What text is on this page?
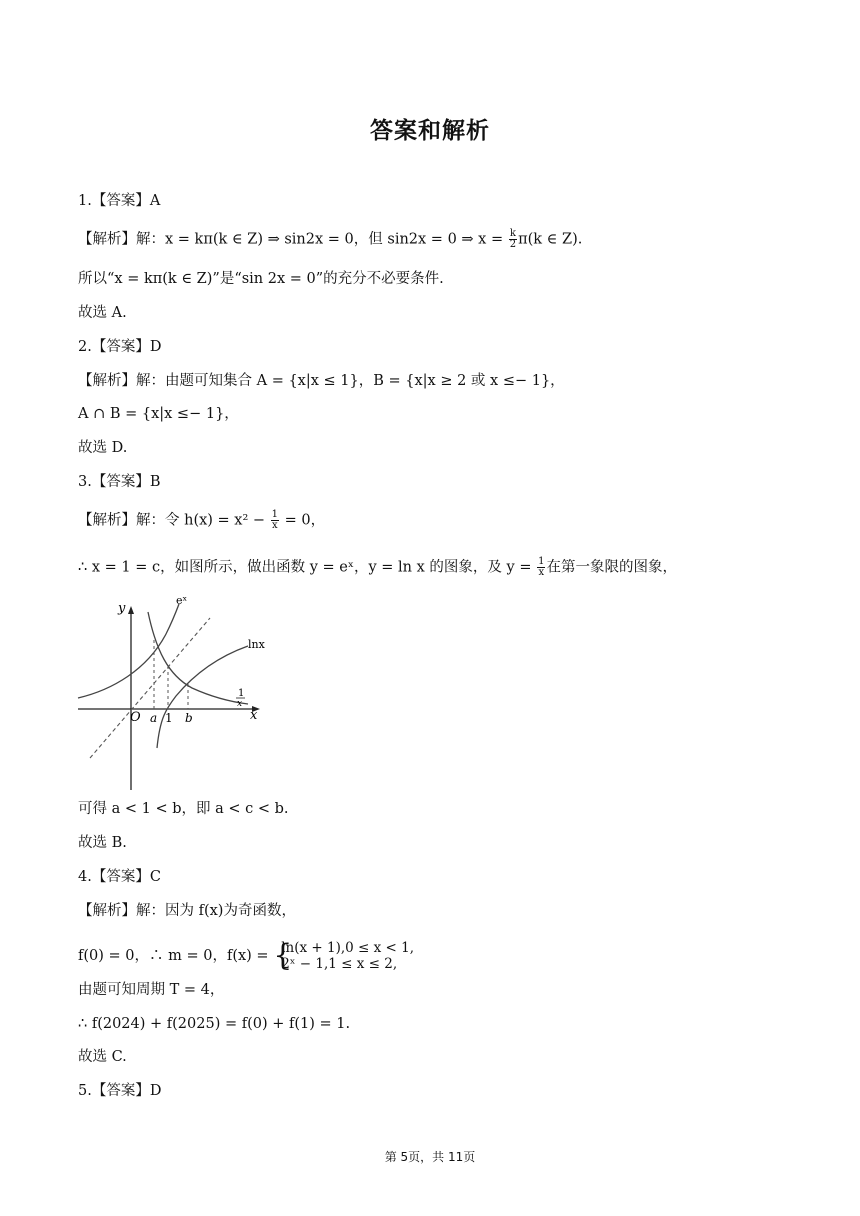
答案和解析
1.【答案】A
【解析】解：x = kπ(k ∈ Z) ⇒ sin2x = 0，但 sin2x = 0 ⇒ $x = \frac{k}{2} \pi(k$ ∈ Z).
所以“x = kπ(k ∈ Z)”是“sin 2x = 0”的充分不必要条件.
故选 A.
2.【答案】D
【解析】解：由题可知集合 A = {x|x ≤ 1}，B = {x|x ≥ 2 或 x ≤− 1}，
A ∩ B = {x|x ≤− 1}，
故选 D.
3.【答案】B
【解析】解：令 $h(x) = x^2 - \frac{1}{x} = 0$，
∴ x = 1 = c，如图所示，做出函数 y = eˣ，y = ln x 的图象，及 $y = \frac{1}{x}$ 在第一象限的图象，
y
eˣ
lnx
1
x
x
O a 1 b
可得 a < 1 < b，即 a < c < b.
故选 B.
4.【答案】C
【解析】解：因为 f(x)为奇函数，
f(0) = 0，∴ m = 0，f(x) = {
ln(x + 1),0 ≤ x < 1,
2ˣ − 1,1 ≤ x ≤ 2,
由题可知周期 T = 4，
∴ f(2024) + f(2025) = f(0) + f(1) = 1.
故选 C.
5.【答案】D
第 5页，共 11页
